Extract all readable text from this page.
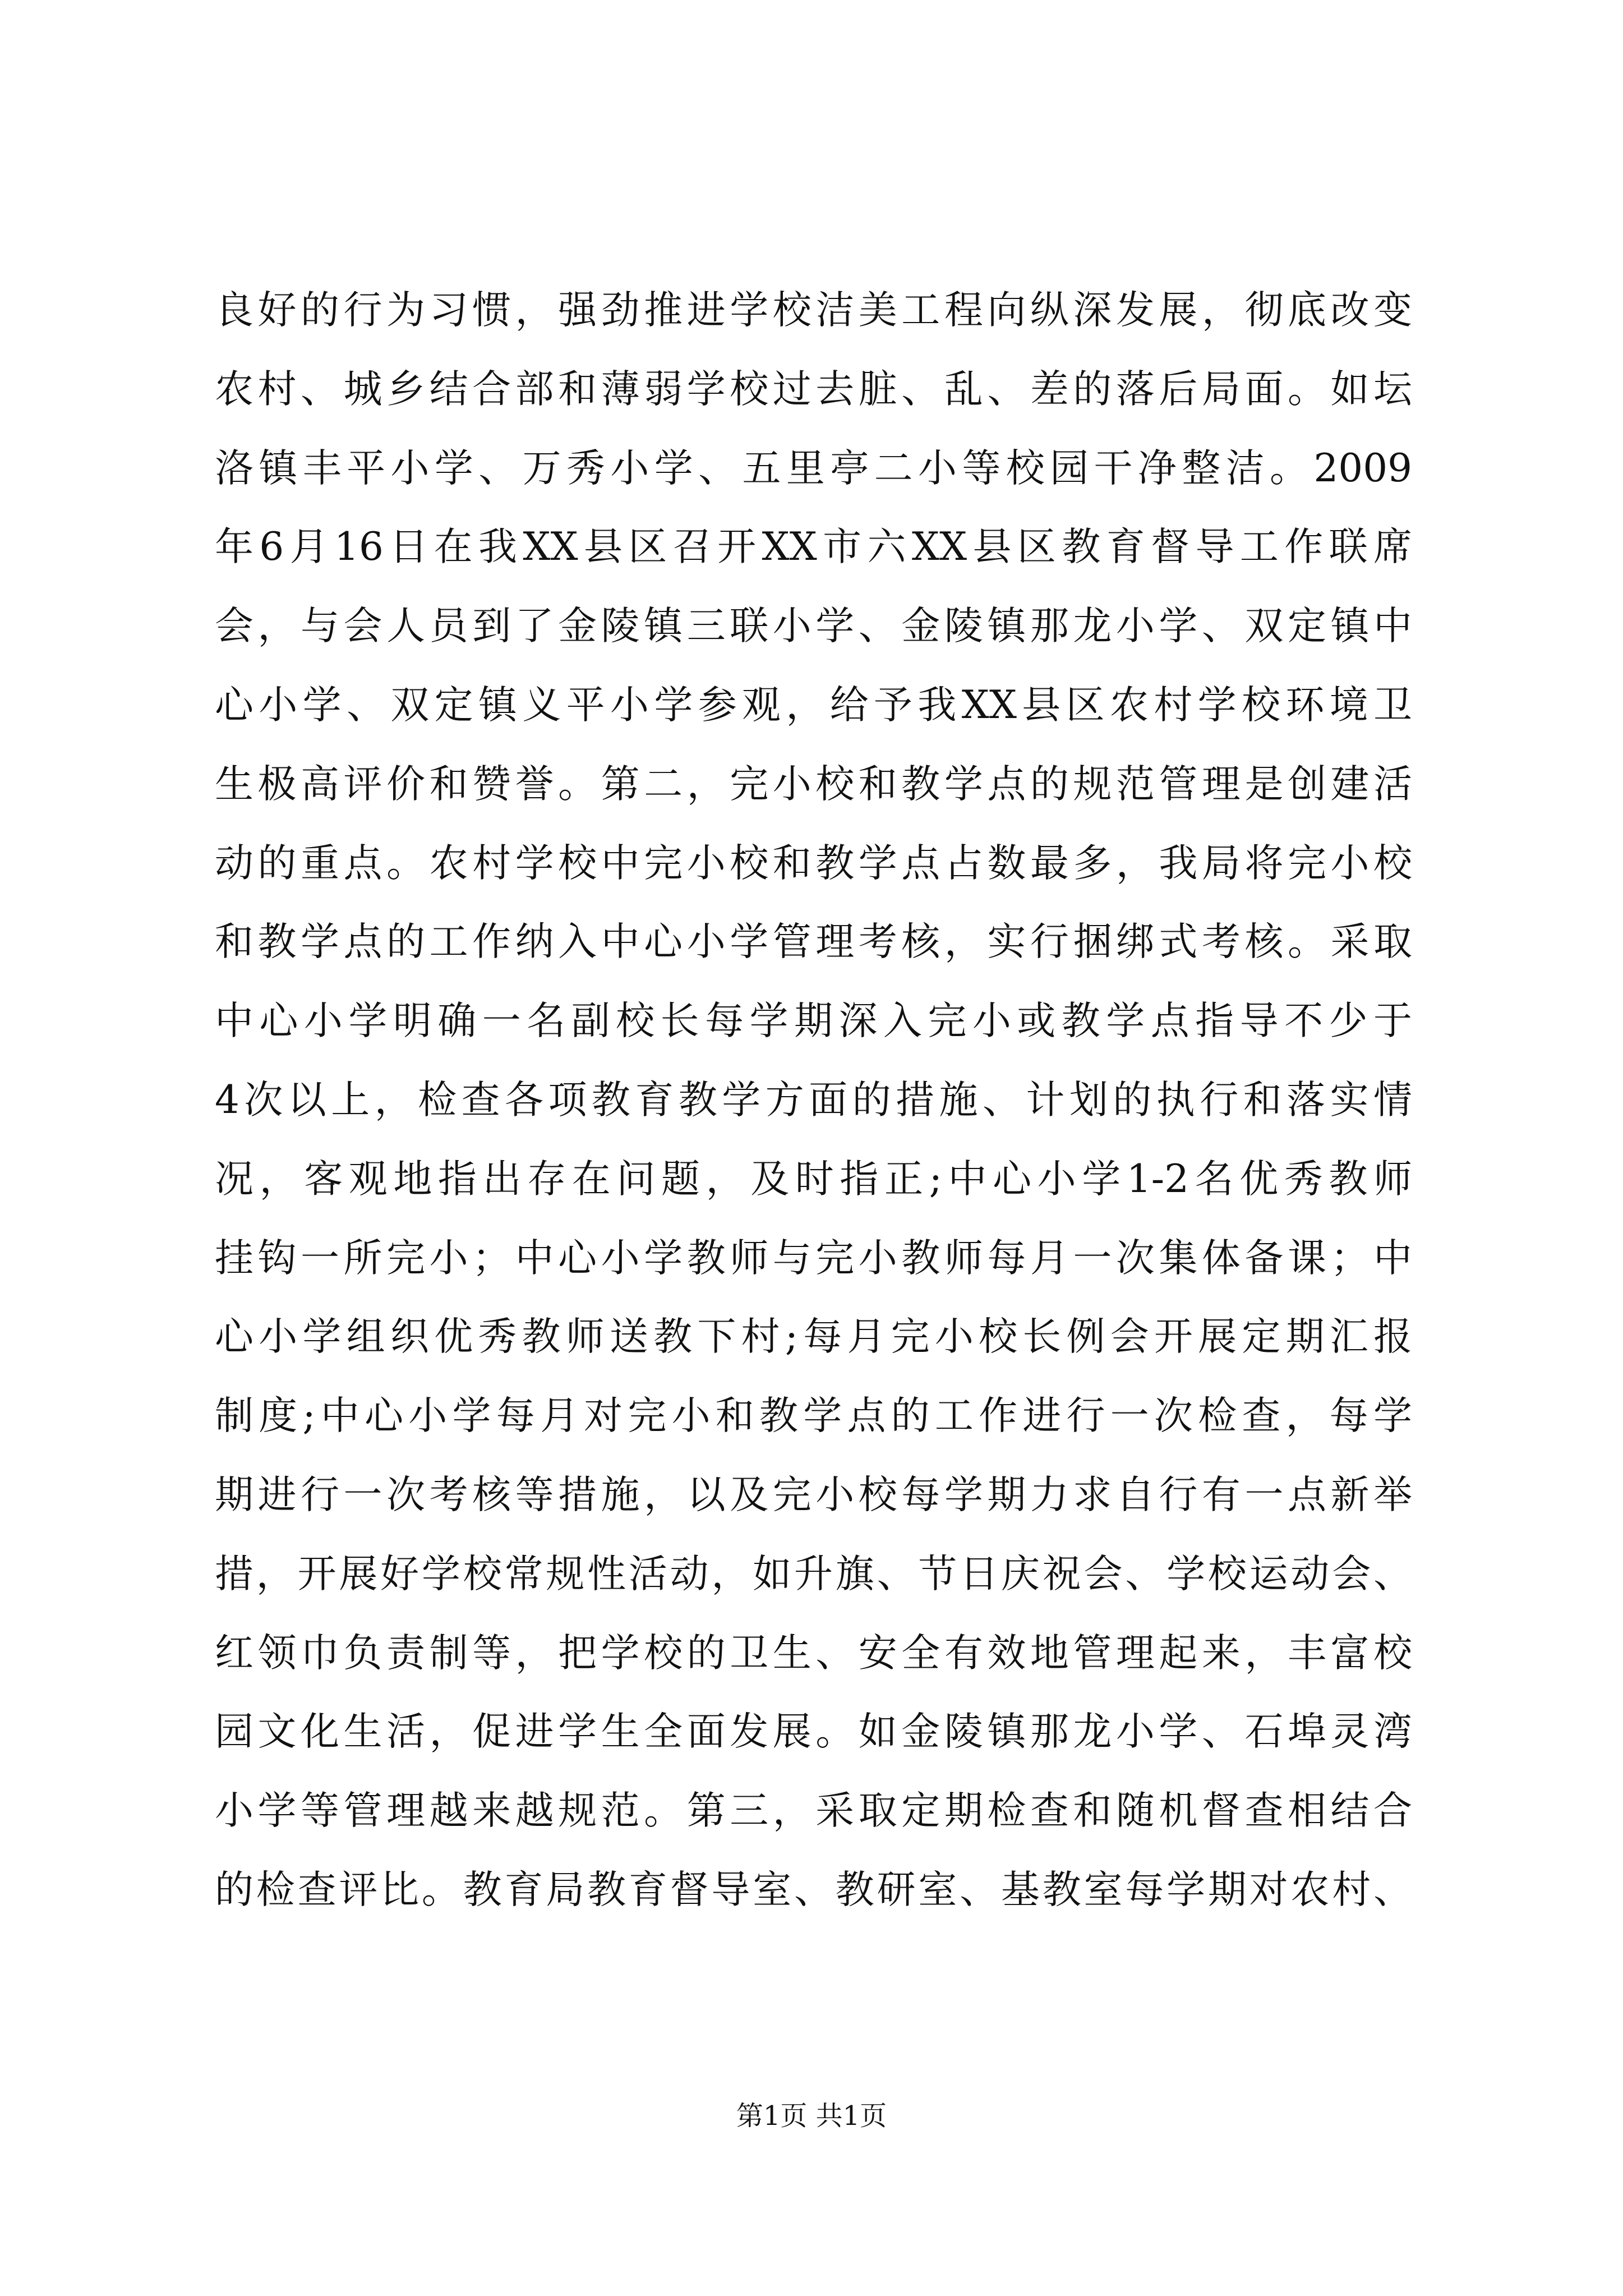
良好的行为习惯，强劲推进学校洁美工程向纵深发展，彻底改变
农村、城乡结合部和薄弱学校过去脏、乱、差的落后局面。如坛
洛镇丰平小学、万秀小学、五里亭二小等校园干净整洁。2009
年6月16日在我XX县区召开XX市六XX县区教育督导工作联席
会，与会人员到了金陵镇三联小学、金陵镇那龙小学、双定镇中
心小学、双定镇义平小学参观，给予我XX县区农村学校环境卫
生极高评价和赞誉。第二，完小校和教学点的规范管理是创建活
动的重点。农村学校中完小校和教学点占数最多，我局将完小校
和教学点的工作纳入中心小学管理考核，实行捆绑式考核。采取
中心小学明确一名副校长每学期深入完小或教学点指导不少于
4次以上，检查各项教育教学方面的措施、计划的执行和落实情
况，客观地指出存在问题，及时指正;中心小学1-2名优秀教师
挂钩一所完小；中心小学教师与完小教师每月一次集体备课；中
心小学组织优秀教师送教下村;每月完小校长例会开展定期汇报
制度;中心小学每月对完小和教学点的工作进行一次检查，每学
期进行一次考核等措施，以及完小校每学期力求自行有一点新举
措，开展好学校常规性活动，如升旗、节日庆祝会、学校运动会、
红领巾负责制等，把学校的卫生、安全有效地管理起来，丰富校
园文化生活，促进学生全面发展。如金陵镇那龙小学、石埠灵湾
小学等管理越来越规范。第三，采取定期检查和随机督查相结合
的检查评比。教育局教育督导室、教研室、基教室每学期对农村、
第1页 共1页
